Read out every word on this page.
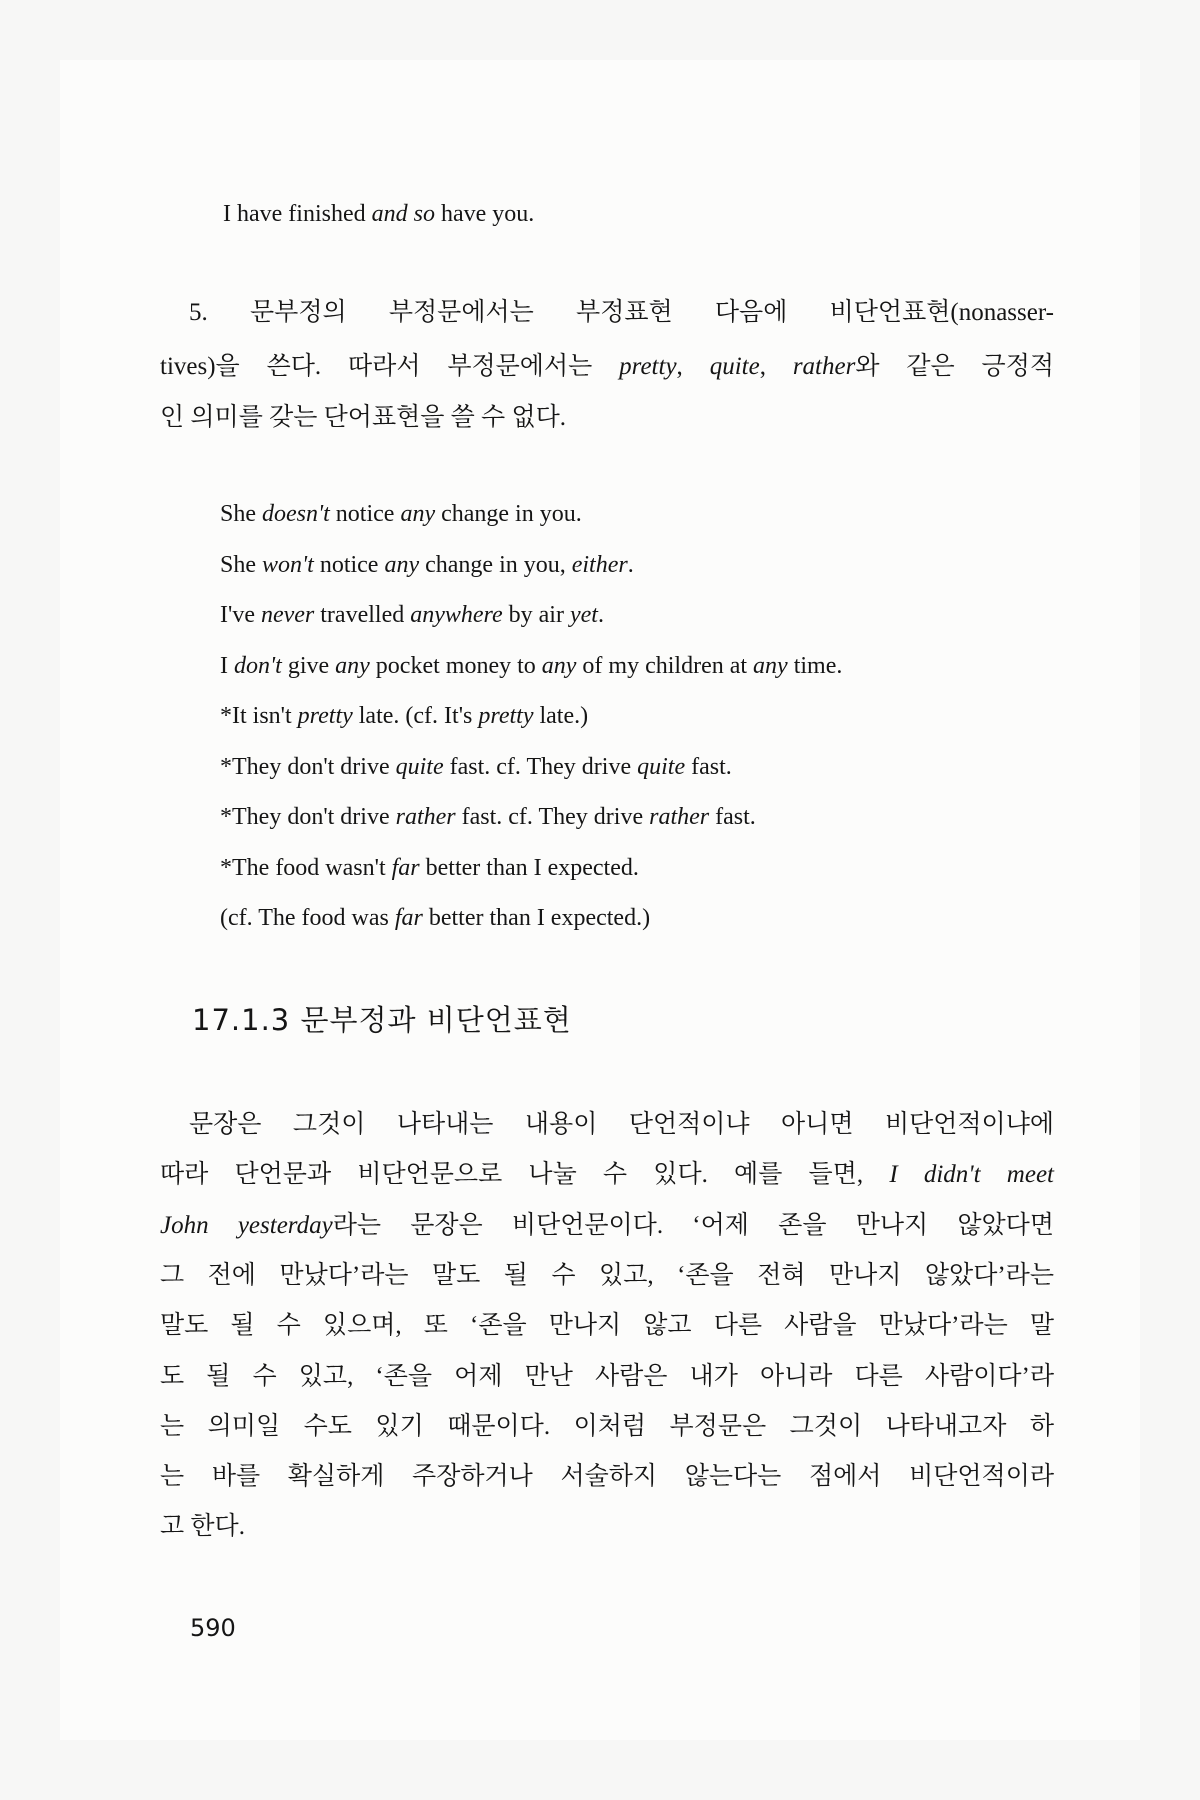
I have finished and so have you.
5. 문부정의 부정문에서는 부정표현 다음에 비단언표현(nonasser-
tives)을 쓴다. 따라서 부정문에서는 pretty, quite, rather와 같은 긍정적
인 의미를 갖는 단어표현을 쓸 수 없다.
She doesn't notice any change in you.
She won't notice any change in you, either.
I've never travelled anywhere by air yet.
I don't give any pocket money to any of my children at any time.
*It isn't pretty late. (cf. It's pretty late.)
*They don't drive quite fast. cf. They drive quite fast.
*They don't drive rather fast. cf. They drive rather fast.
*The food wasn't far better than I expected.
(cf. The food was far better than I expected.)
문장은 그것이 나타내는 내용이 단언적이냐 아니면 비단언적이냐에
따라 단언문과 비단언문으로 나눌 수 있다. 예를 들면, I didn't meet
John yesterday라는 문장은 비단언문이다. ‘어제 존을 만나지 않았다면
그 전에 만났다’라는 말도 될 수 있고, ‘존을 전혀 만나지 않았다’라는
말도 될 수 있으며, 또 ‘존을 만나지 않고 다른 사람을 만났다’라는 말
도 될 수 있고, ‘존을 어제 만난 사람은 내가 아니라 다른 사람이다’라
는 의미일 수도 있기 때문이다. 이처럼 부정문은 그것이 나타내고자 하
는 바를 확실하게 주장하거나 서술하지 않는다는 점에서 비단언적이라
고 한다.
17.1.3 문부정과 비단언표현
590
